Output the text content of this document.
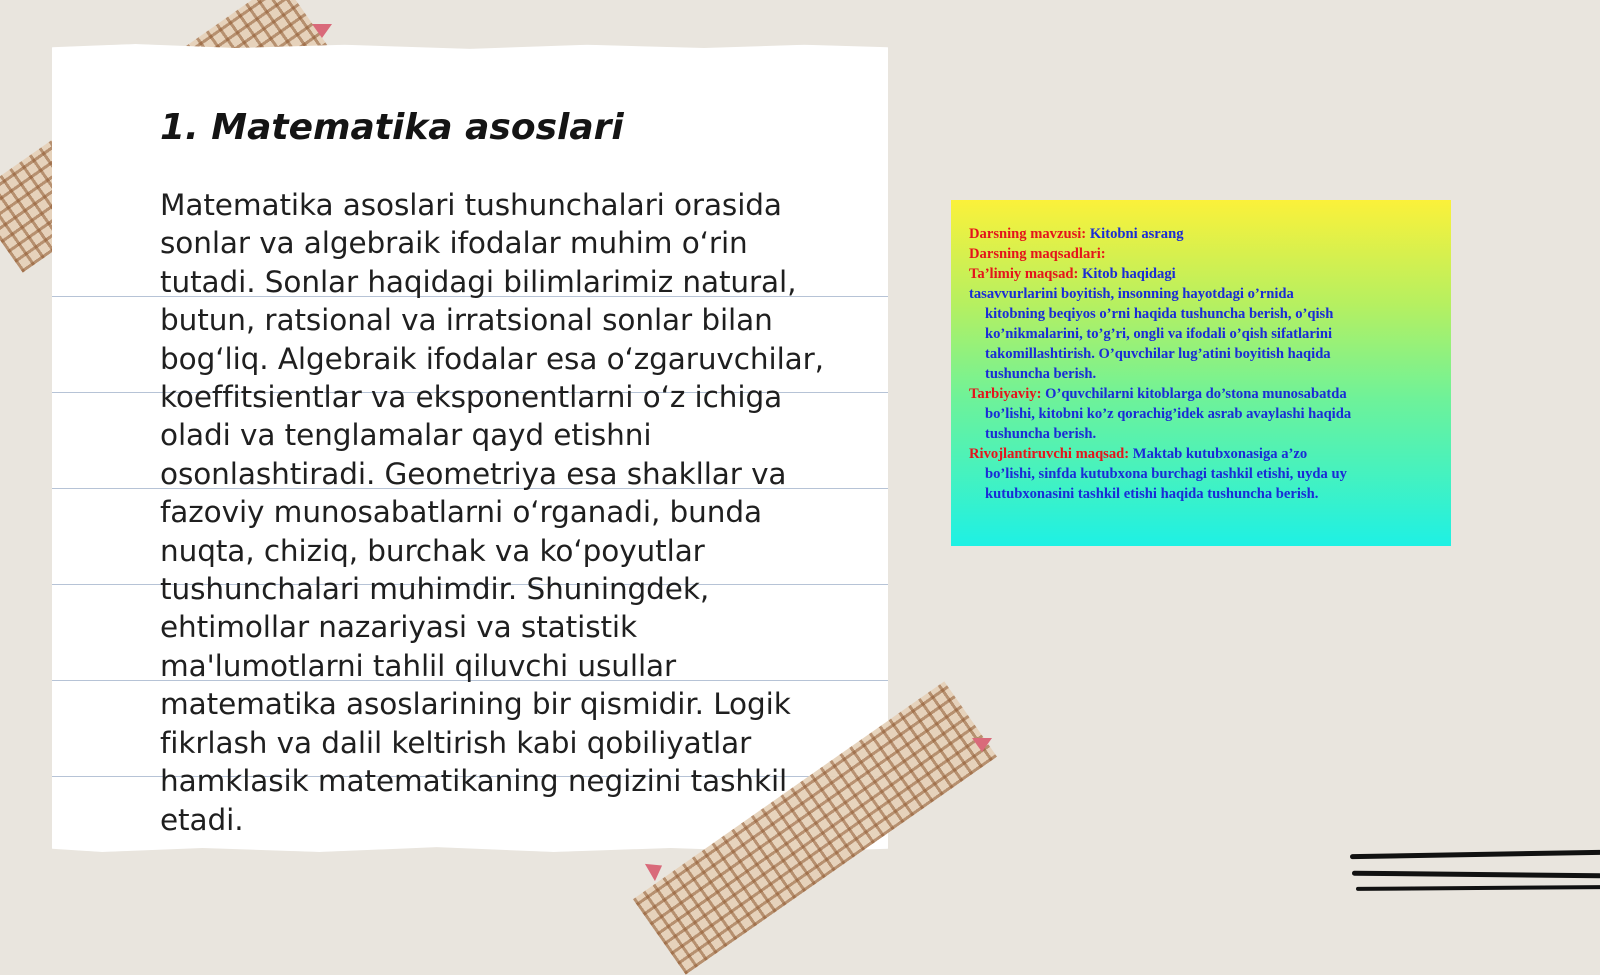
1. Matematika asoslari

Matematika asoslari tushunchalari orasida sonlar va algebraik ifodalar muhim oʻrin tutadi. Sonlar haqidagi bilimlarimiz natural, butun, ratsional va irratsional sonlar bilan bogʻliq. Algebraik ifodalar esa oʻzgaruvchilar, koeffitsientlar va eksponentlarni oʻz ichiga oladi va tenglamalar qayd etishni osonlashtiradi. Geometriya esa shakllar va fazoviy munosabatlarni oʻrganadi, bunda nuqta, chiziq, burchak va koʻpoyutlar tushunchalari muhimdir. Shuningdek, ehtimollar nazariyasi va statistik ma'lumotlarni tahlil qiluvchi usullar matematika asoslarining bir qismidir. Logik fikrlash va dalil keltirish kabi qobiliyatlar hamklasik matematikaning negizini tashkil etadi.

Darsning mavzusi: Kitobni asrang

Darsning maqsadlari:

Ta’limiy maqsad: Kitob haqidagi

tasavvurlarini boyitish, insonning hayotdagi o’rnida

kitobning beqiyos o’rni haqida tushuncha berish, o’qish

ko’nikmalarini, to’g’ri, ongli va ifodali o’qish sifatlarini

takomillashtirish. O’quvchilar lug’atini boyitish haqida

tushuncha berish.

Tarbiyaviy: O’quvchilarni kitoblarga do’stona munosabatda

bo’lishi, kitobni ko’z qorachig’idek asrab avaylashi haqida

tushuncha berish.

Rivojlantiruvchi maqsad: Maktab kutubxonasiga a’zo

bo’lishi, sinfda kutubxona burchagi tashkil etishi, uyda uy

kutubxonasini tashkil etishi haqida tushuncha berish.
